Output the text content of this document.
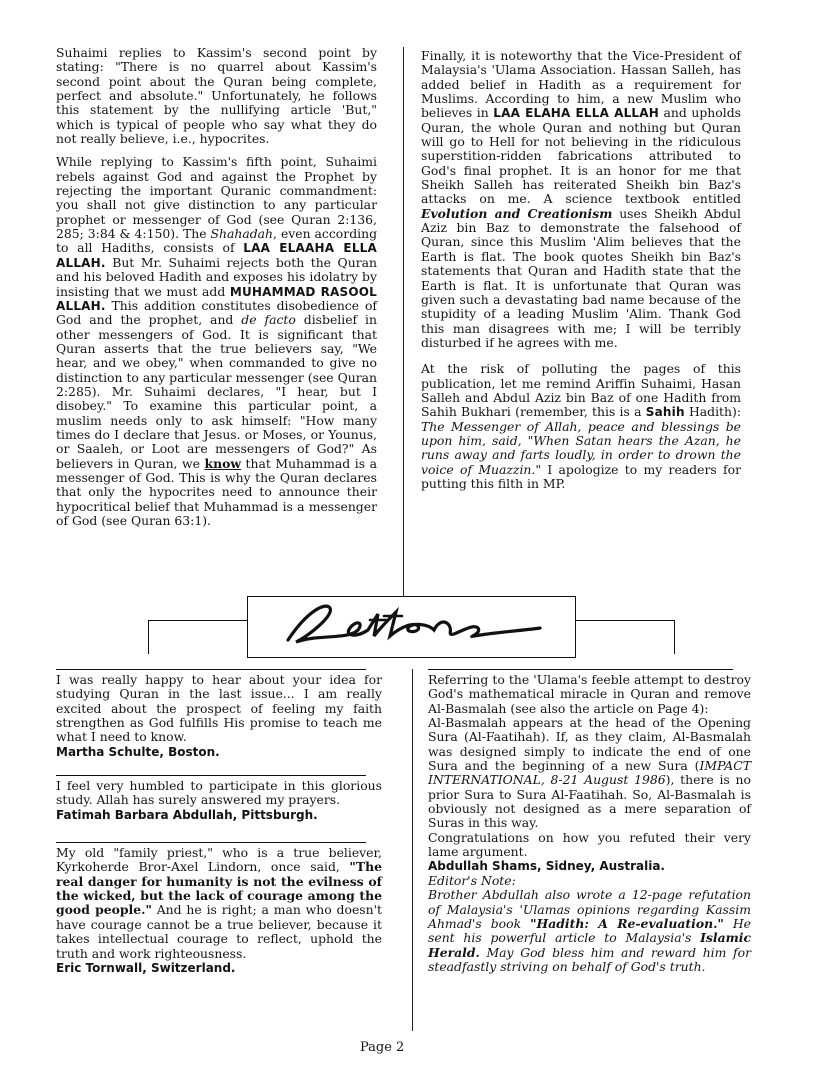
Suhaimi replies to Kassim's second point by stating: "There is no quarrel about Kassim's second point about the Quran being complete, perfect and absolute." Unfortunately, he follows this statement by the nullifying article 'But," which is typical of people who say what they do not really believe, i.e., hypocrites.

While replying to Kassim's fifth point, Suhaimi rebels against God and against the Prophet by rejecting the important Quranic commandment: you shall not give distinction to any particular prophet or messenger of God (see Quran 2:136, 285; 3:84 & 4:150). The Shahadah, even according to all Hadiths, consists of LAA ELAAHA ELLA ALLAH. But Mr. Suhaimi rejects both the Quran and his beloved Hadith and exposes his idolatry by insisting that we must add MUHAMMAD RASOOL ALLAH. This addition constitutes disobedience of God and the prophet, and de facto disbelief in other messengers of God. It is significant that Quran asserts that the true believers say, "We hear, and we obey," when commanded to give no distinction to any particular messenger (see Quran 2:285). Mr. Suhaimi declares, "I hear, but I disobey." To examine this particular point, a muslim needs only to ask himself: "How many times do I declare that Jesus. or Moses, or Younus, or Saaleh, or Loot are messengers of God?" As believers in Quran, we know that Muhammad is a messenger of God. This is why the Quran declares that only the hypocrites need to announce their hypocritical belief that Muhammad is a messenger of God (see Quran 63:1).

Finally, it is noteworthy that the Vice-President of Malaysia's 'Ulama Association. Hassan Salleh, has added belief in Hadith as a requirement for Muslims. According to him, a new Muslim who believes in LAA ELAHA ELLA ALLAH and upholds Quran, the whole Quran and nothing but Quran will go to Hell for not believing in the ridiculous superstition-ridden fabrications attributed to God's final prophet. It is an honor for me that Sheikh Salleh has reiterated Sheikh bin Baz's attacks on me. A science textbook entitled Evolution and Creationism uses Sheikh Abdul Aziz bin Baz to demonstrate the falsehood of Quran, since this Muslim 'Alim believes that the Earth is flat. The book quotes Sheikh bin Baz's statements that Quran and Hadith state that the Earth is flat. It is unfortunate that Quran was given such a devastating bad name because of the stupidity of a leading Muslim 'Alim. Thank God this man disagrees with me; I will be terribly disturbed if he agrees with me.

At the risk of polluting the pages of this publication, let me remind Ariffin Suhaimi, Hasan Salleh and Abdul Aziz bin Baz of one Hadith from Sahih Bukhari (remember, this is a Sahih Hadith): The Messenger of Allah, peace and blessings be upon him, said, "When Satan hears the Azan, he runs away and farts loudly, in order to drown the voice of Muazzin." I apologize to my readers for putting this filth in MP.

Letters
I was really happy to hear about your idea for studying Quran in the last issue... I am really excited about the prospect of feeling my faith strengthen as God fulfills His promise to teach me what I need to know.
Martha Schulte, Boston.
I feel very humbled to participate in this glorious study. Allah has surely answered my prayers.
Fatimah Barbara Abdullah, Pittsburgh.
My old "family priest," who is a true believer, Kyrkoherde Bror-Axel Lindorn, once said, "The real danger for humanity is not the evilness of the wicked, but the lack of courage among the good people." And he is right; a man who doesn't have courage cannot be a true believer, because it takes intellectual courage to reflect, uphold the truth and work righteousness.
Eric Tornwall, Switzerland.
Referring to the 'Ulama's feeble attempt to destroy God's mathematical miracle in Quran and remove Al-Basmalah (see also the article on Page 4):
Al-Basmalah appears at the head of the Opening Sura (Al-Faatihah). If, as they claim, Al-Basmalah was designed simply to indicate the end of one Sura and the beginning of a new Sura (IMPACT INTERNATIONAL, 8-21 August 1986), there is no prior Sura to Sura Al-Faatihah. So, Al-Basmalah is obviously not designed as a mere separation of Suras in this way.
Congratulations on how you refuted their very lame argument.
Abdullah Shams, Sidney, Australia.
Editor's Note:
Brother Abdullah also wrote a 12-page refutation of Malaysia's 'Ulamas opinions regarding Kassim Ahmad's book "Hadith: A Re-evaluation." He sent his powerful article to Malaysia's Islamic Herald. May God bless him and reward him for steadfastly striving on behalf of God's truth.
Page 2
